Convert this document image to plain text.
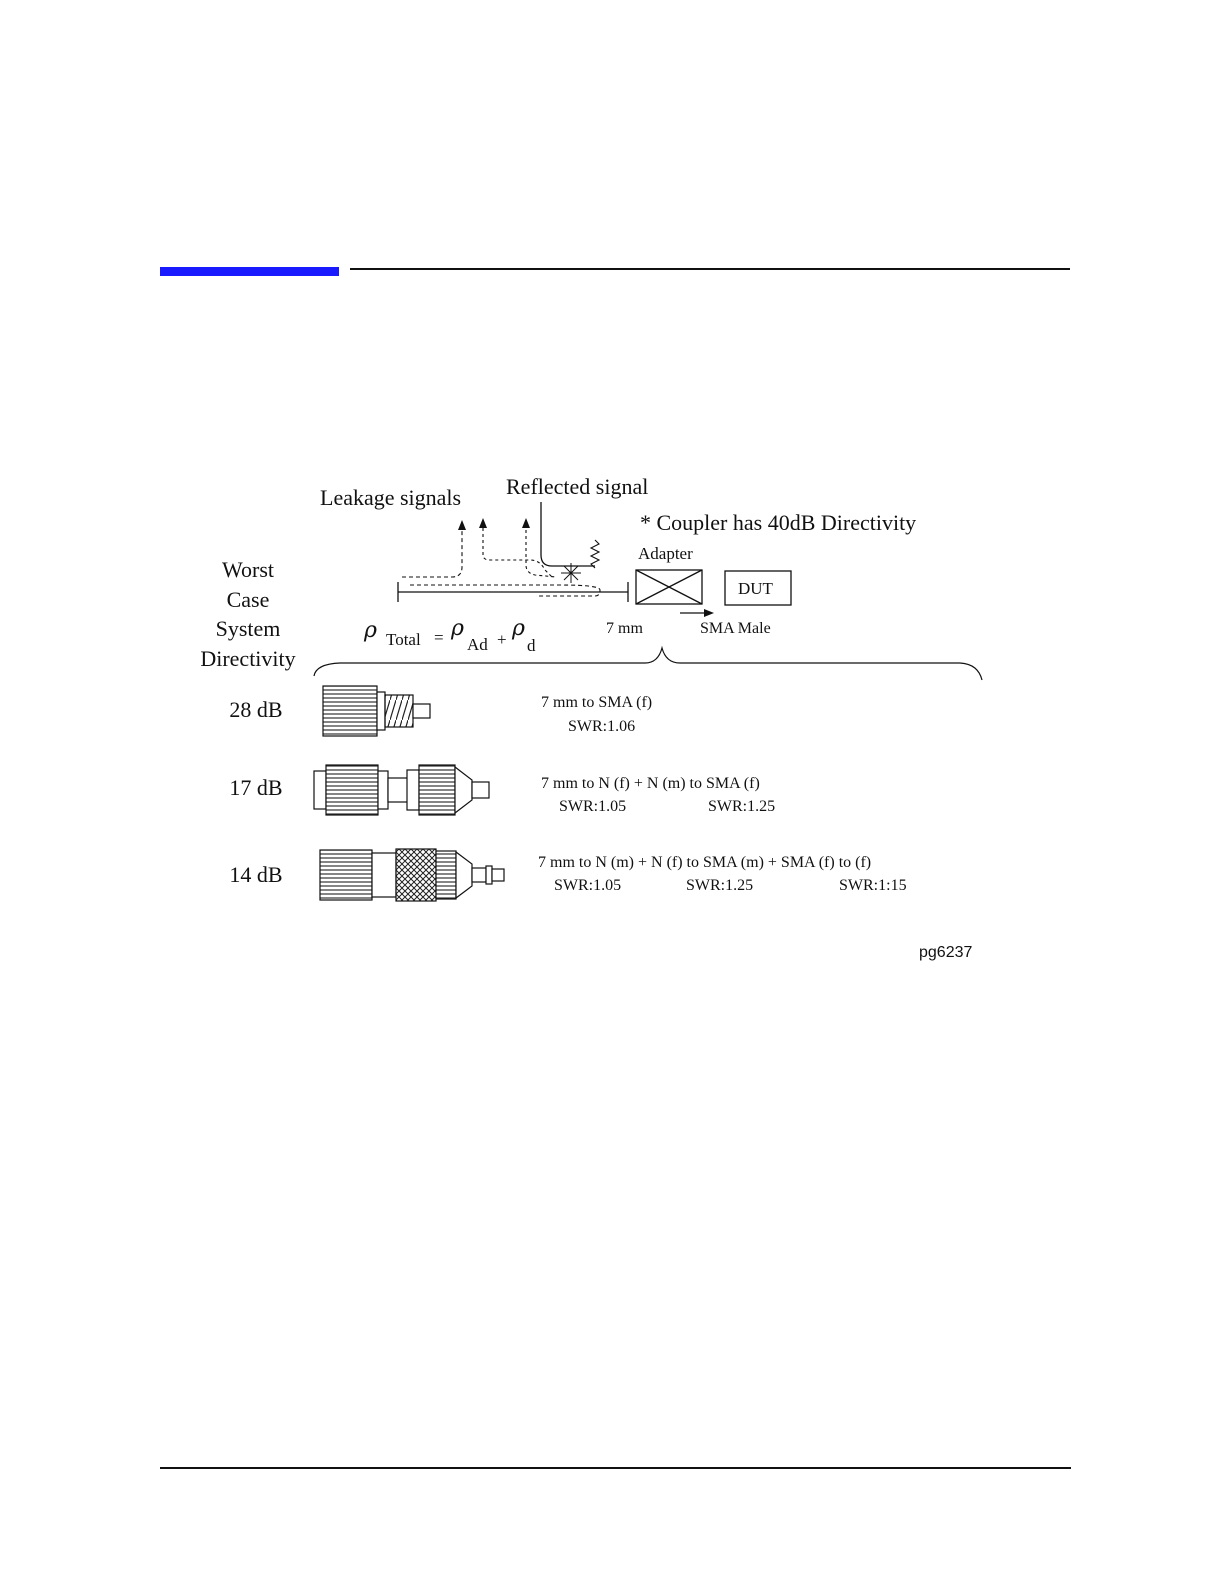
Leakage signals Reflected signal
* Coupler has 40dB Directivity
Adapter
DUT
7 mm	SMA Male
ρ Total = ρ
Ad + ρ
d
Worst
Case
System
Directivity
28 dB	7 mm to SMA (f)
SWR:1.06
17 dB	7 mm to N (f) + N (m) to SMA (f)
SWR:1.05	SWR:1.25
14 dB	7 mm to N (m) + N (f) to SMA (m) + SMA (f) to (f)
SWR:1.05	SWR:1.25	SWR:1:15
pg6237
